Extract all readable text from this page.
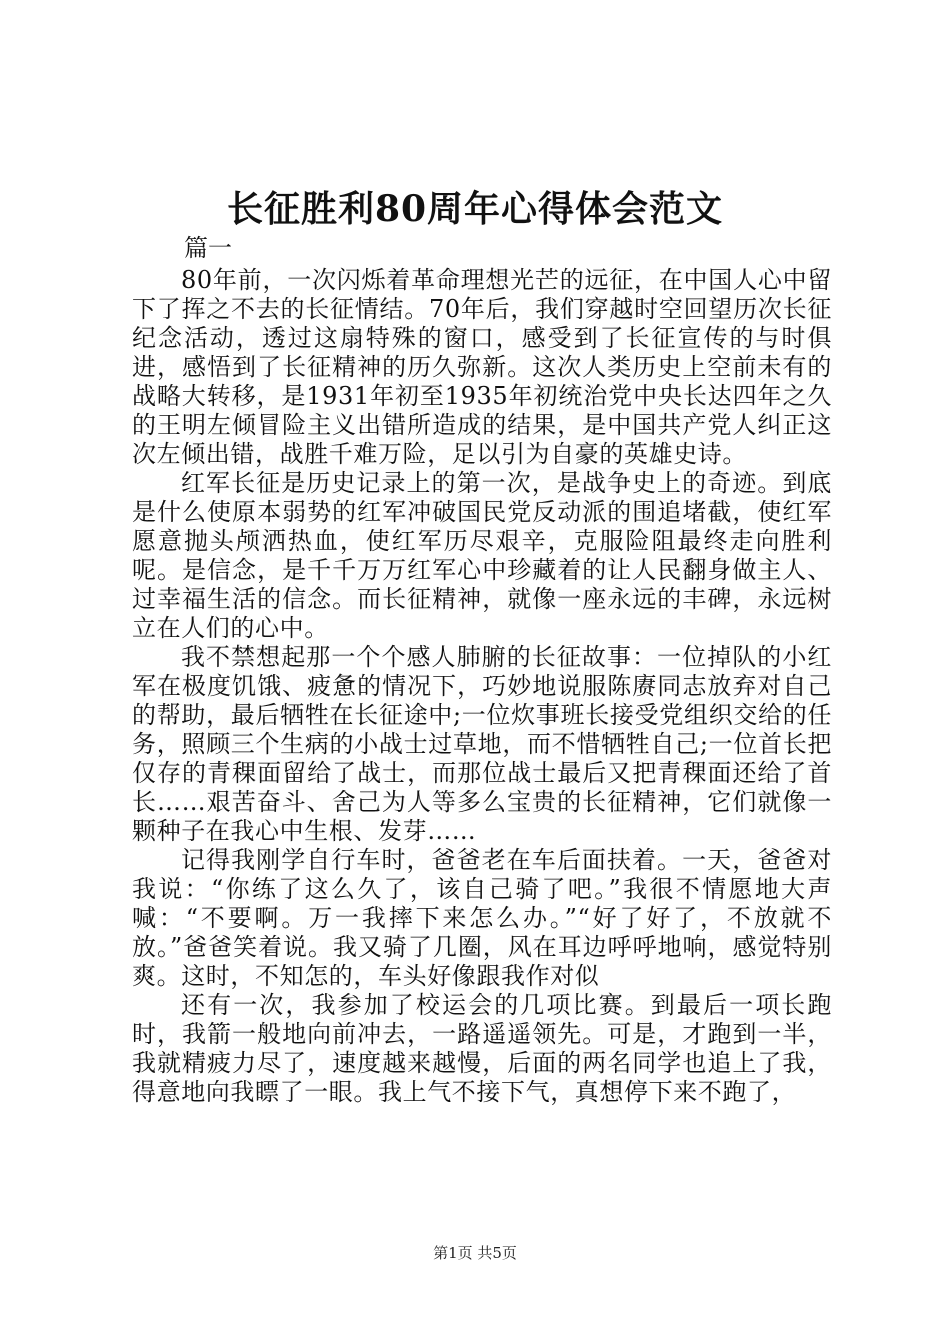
长征胜利80周年心得体会范文

篇一

80年前，一次闪烁着革命理想光芒的远征，在中国人心中留下了挥之不去的长征情结。70年后，我们穿越时空回望历次长征纪念活动，透过这扇特殊的窗口，感受到了长征宣传的与时俱进，感悟到了长征精神的历久弥新。这次人类历史上空前未有的战略大转移，是1931年初至1935年初统治党中央长达四年之久的王明左倾冒险主义出错所造成的结果，是中国共产党人纠正这次左倾出错，战胜千难万险，足以引为自豪的英雄史诗。

红军长征是历史记录上的第一次，是战争史上的奇迹。到底是什么使原本弱势的红军冲破国民党反动派的围追堵截，使红军愿意抛头颅洒热血，使红军历尽艰辛，克服险阻最终走向胜利呢。是信念，是千千万万红军心中珍藏着的让人民翻身做主人、过幸福生活的信念。而长征精神，就像一座永远的丰碑，永远树立在人们的心中。

我不禁想起那一个个感人肺腑的长征故事：一位掉队的小红军在极度饥饿、疲惫的情况下，巧妙地说服陈赓同志放弃对自己的帮助，最后牺牲在长征途中;一位炊事班长接受党组织交给的任务，照顾三个生病的小战士过草地，而不惜牺牲自己;一位首长把仅存的青稞面留给了战士，而那位战士最后又把青稞面还给了首长……艰苦奋斗、舍己为人等多么宝贵的长征精神，它们就像一颗种子在我心中生根、发芽……

记得我刚学自行车时，爸爸老在车后面扶着。一天，爸爸对我说：“你练了这么久了，该自己骑了吧。”我很不情愿地大声喊：“不要啊。万一我摔下来怎么办。”“好了好了，不放就不放。”爸爸笑着说。我又骑了几圈，风在耳边呼呼地响，感觉特别爽。这时，不知怎的，车头好像跟我作对似

还有一次，我参加了校运会的几项比赛。到最后一项长跑时，我箭一般地向前冲去，一路遥遥领先。可是，才跑到一半，我就精疲力尽了，速度越来越慢，后面的两名同学也追上了我，得意地向我瞟了一眼。我上气不接下气，真想停下来不跑了，

第1页 共5页
